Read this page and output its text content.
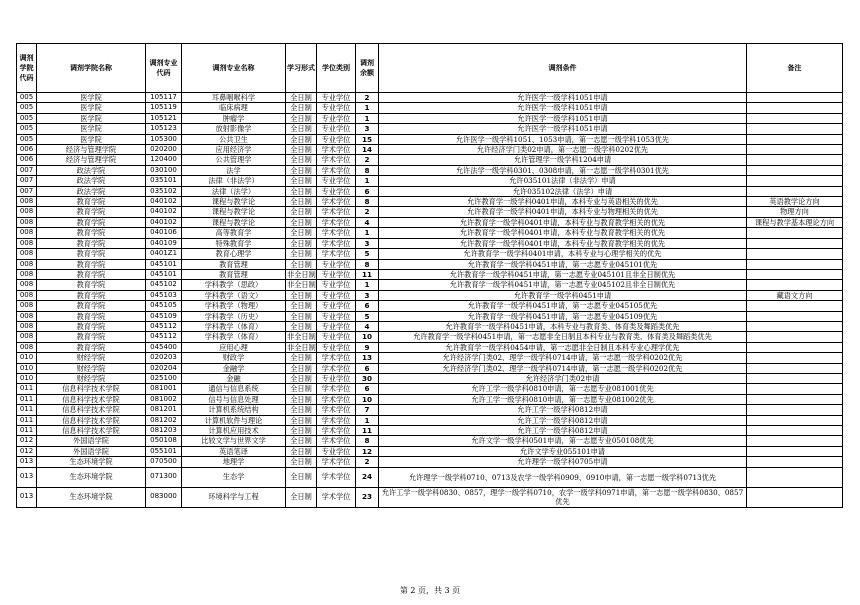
调剂学院代码	调剂学院名称	调剂专业代码	调剂专业名称	学习形式	学位类别	调剂余额	调剂条件	备注
005	医学院	105117	耳鼻咽喉科学	全日制	专业学位	2	允许医学一级学科1051申请	
005	医学院	105119	临床病理	全日制	专业学位	1	允许医学一级学科1051申请	
005	医学院	105121	肿瘤学	全日制	专业学位	1	允许医学一级学科1051申请	
005	医学院	105123	放射影像学	全日制	专业学位	3	允许医学一级学科1051申请	
005	医学院	105300	公共卫生	全日制	专业学位	15	允许医学一级学科1051、1053申请，第一志愿一级学科1053优先	
006	经济与管理学院	020200	应用经济学	全日制	学术学位	14	允许经济学门类02申请，第一志愿一级学科0202优先	
006	经济与管理学院	120400	公共管理学	全日制	学术学位	2	允许管理学一级学科1204申请	
007	政法学院	030100	法学	全日制	学术学位	8	允许法学一级学科0301、0308申请，第一志愿一级学科0301优先	
007	政法学院	035101	法律（非法学）	全日制	专业学位	1	允许035101法律（非法学）申请	
007	政法学院	035102	法律（法学）	全日制	专业学位	6	允许035102法律（法学）申请	
008	教育学院	040102	课程与教学论	全日制	学术学位	8	允许教育学一级学科0401申请，本科专业与英语相关的优先	英语教学论方向
008	教育学院	040102	课程与教学论	全日制	学术学位	2	允许教育学一级学科0401申请，本科专业与物理相关的优先	物理方向
008	教育学院	040102	课程与教学论	全日制	学术学位	4	允许教育学一级学科0401申请，本科专业与教育教学相关的优先	课程与教学基本理论方向
008	教育学院	040106	高等教育学	全日制	学术学位	1	允许教育学一级学科0401申请，本科专业与教育教学相关的优先	
008	教育学院	040109	特殊教育学	全日制	学术学位	3	允许教育学一级学科0401申请，本科专业与教育教学相关的优先	
008	教育学院	0401Z1	教育心理学	全日制	学术学位	5	允许教育学一级学科0401申请，本科专业与心理学相关的优先	
008	教育学院	045101	教育管理	全日制	专业学位	8	允许教育学一级学科0451申请，第一志愿专业045101优先	
008	教育学院	045101	教育管理	非全日制	专业学位	11	允许教育学一级学科0451申请，第一志愿专业045101且非全日制优先	
008	教育学院	045102	学科教学（思政）	非全日制	专业学位	1	允许教育学一级学科0451申请，第一志愿专业045102且非全日制优先	
008	教育学院	045103	学科教学（语文）	全日制	专业学位	3	允许教育学一级学科0451申请	藏语文方向
008	教育学院	045105	学科教学（物理）	全日制	专业学位	6	允许教育学一级学科0451申请，第一志愿专业045105优先	
008	教育学院	045109	学科教学（历史）	全日制	专业学位	5	允许教育学一级学科0451申请，第一志愿专业045109优先	
008	教育学院	045112	学科教学（体育）	全日制	专业学位	4	允许教育学一级学科0451申请，本科专业与教育类、体育类及舞蹈类优先	
008	教育学院	045112	学科教学（体育）	非全日制	专业学位	10	允许教育学一级学科0451申请，第一志愿非全日制且本科专业与教育类、体育类及舞蹈类优先	
008	教育学院	045400	应用心理	非全日制	专业学位	9	允许教育学一级学科0454申请，第一志愿非全日制且本科专业心理学优先	
010	财经学院	020203	财政学	全日制	学术学位	13	允许经济学门类02、理学一级学科0714申请，第一志愿一级学科0202优先	
010	财经学院	020204	金融学	全日制	学术学位	6	允许经济学门类02、理学一级学科0714申请，第一志愿一级学科0202优先	
010	财经学院	025100	金融	全日制	专业学位	30	允许经济学门类02申请	
011	信息科学技术学院	081001	通信与信息系统	全日制	学术学位	6	允许工学一级学科0810申请，第一志愿专业081001优先	
011	信息科学技术学院	081002	信号与信息处理	全日制	学术学位	10	允许工学一级学科0810申请，第一志愿专业081002优先	
011	信息科学技术学院	081201	计算机系统结构	全日制	学术学位	7	允许工学一级学科0812申请	
011	信息科学技术学院	081202	计算机软件与理论	全日制	学术学位	1	允许工学一级学科0812申请	
011	信息科学技术学院	081203	计算机应用技术	全日制	学术学位	11	允许工学一级学科0812申请	
012	外国语学院	050108	比较文学与世界文学	全日制	学术学位	8	允许文学一级学科0501申请，第一志愿专业050108优先	
012	外国语学院	055101	英语笔译	全日制	专业学位	12	允许文学专业055101申请	
013	生态环境学院	070500	地理学	全日制	学术学位	2	允许理学一级学科0705申请	
013	生态环境学院	071300	生态学	全日制	学术学位	24	允许理学一级学科0710、0713及农学一级学科0909、0910申请，第一志愿一级学科0713优先	
013	生态环境学院	083000	环境科学与工程	全日制	学术学位	23	允许工学一级学科0830、0857，理学一级学科0710，农学一级学科0971申请，第一志愿一级学科0830、0857优先	
第 2 页，共 3 页
